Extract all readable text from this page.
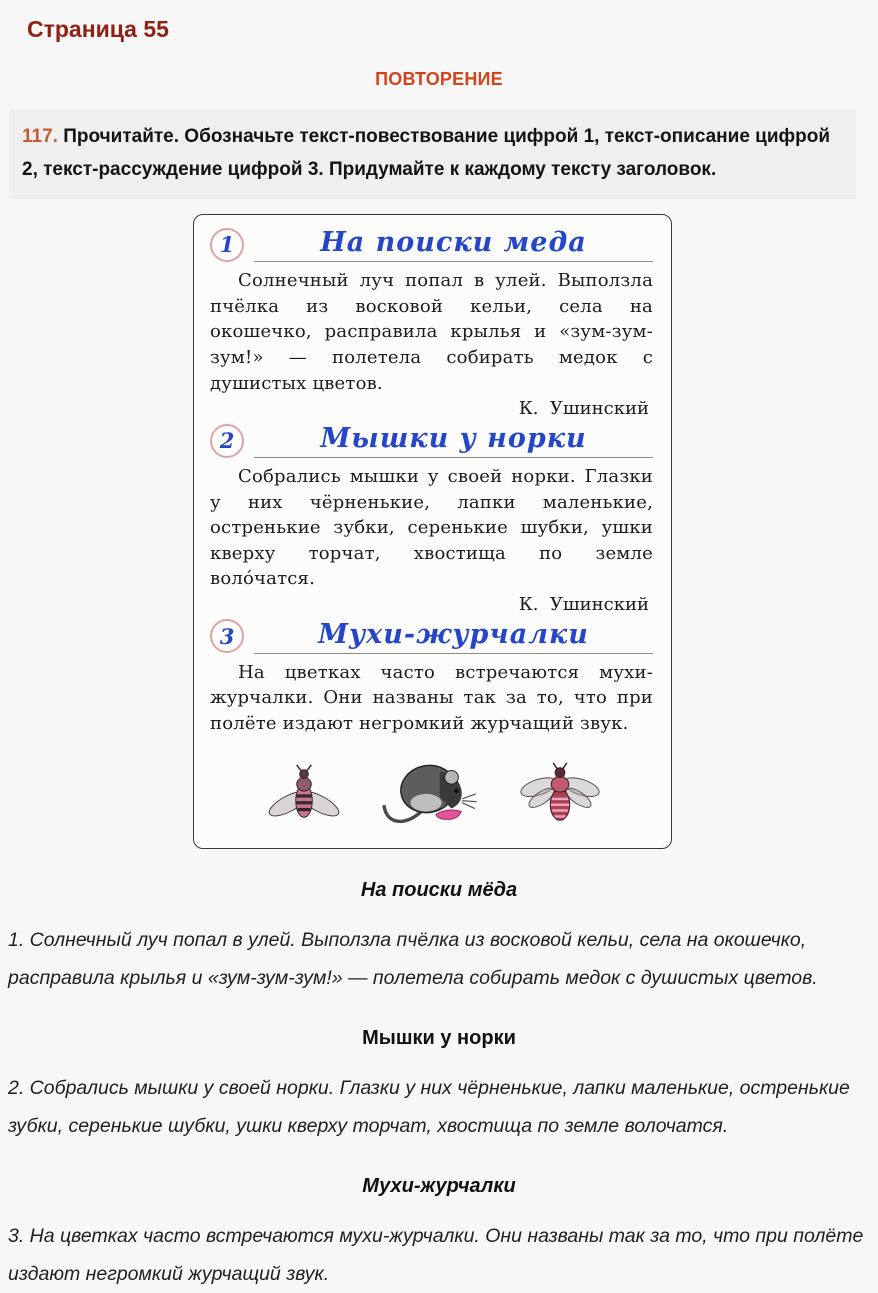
Страница 55
ПОВТОРЕНИЕ
117. Прочитайте. Обозначьте текст-повествование цифрой 1, текст-описание цифрой 2, текст-рассуждение цифрой 3. Придумайте к каждому тексту заголовок.
1	На поиски меда

Солнечный луч попал в улей. Выползла пчёлка из восковой кельи, села на окошечко, расправила крылья и «зум-зум-зум!» — полетела собирать медок с душистых цветов.

К.  Ушинский
2	Мышки у норки

Собрались мышки у своей норки. Глазки у них чёрненькие, лапки маленькие, остренькие зубки, серенькие шубки, ушки кверху торчат, хвостища по земле воло́чатся.

К.  Ушинский
3	Мухи-журчалки

На цветках часто встречаются мухи-журчалки. Они названы так за то, что при полёте издают негромкий журчащий звук.

На поиски мёда

1. Солнечный луч попал в улей. Выползла пчёлка из восковой кельи, села на окошечко, расправила крылья и «зум-зум-зум!» — полетела собирать медок с душистых цветов.

Мышки у норки

2. Собрались мышки у своей норки. Глазки у них чёрненькие, лапки маленькие, остренькие зубки, серенькие шубки, ушки кверху торчат, хвостища по земле волочатся.

Мухи-журчалки

3. На цветках часто встречаются мухи-журчалки. Они названы так за то, что при полёте издают негромкий журчащий звук.
